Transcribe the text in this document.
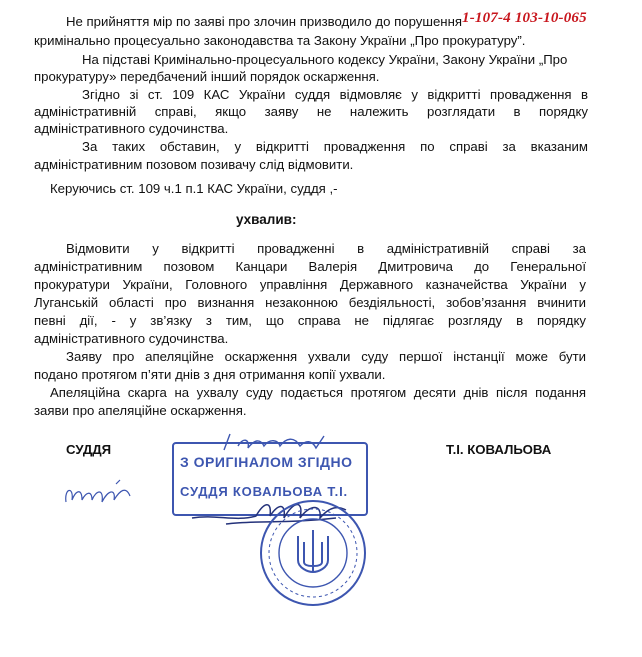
Не прийняття мір по заяві про злочин призводило до порушення 1-107-4 103-10-065
кримінально процесуально законодавства та Закону України „Про прокуратуру”.
На підставі Кримінально-процесуального кодексу України, Закону України „Про
прокуратуру» передбачений інший порядок оскарження.
Згідно зі ст. 109 КАС України суддя відмовляє у відкритті провадження в
адміністративній справі, якщо заяву не належить розглядати в порядку
адміністративного судочинства.
За таких обставин, у відкритті провадження по справі за вказаним
адміністративним позовом позивачу слід відмовити.
Керуючись ст. 109 ч.1 п.1 КАС України, суддя ,-
ухвалив:
Відмовити у відкритті провадженні в адміністративній справі за
адміністративним позовом Канцари Валерія Дмитровича до Генеральної
прокуратури України, Головного управління Державного казначейства України у
Луганській області про визнання незаконною бездіяльності, зобов’язання вчинити
певні дії, - у зв’язку з тим, що справа не підлягає розгляду в порядку
адміністративного судочинства.
Заяву про апеляційне оскарження ухвали суду першої інстанції може бути
подано протягом п’яти днів з дня отримання копії ухвали.
Апеляційна скарга на ухвалу суду подається протягом десяти днів після подання
заяви про апеляційне оскарження.
СУДДЯ	Т.І. КОВАЛЬОВА
З ОРИГІНАЛОМ ЗГІДНО
СУДДЯ КОВАЛЬОВА Т.І.
